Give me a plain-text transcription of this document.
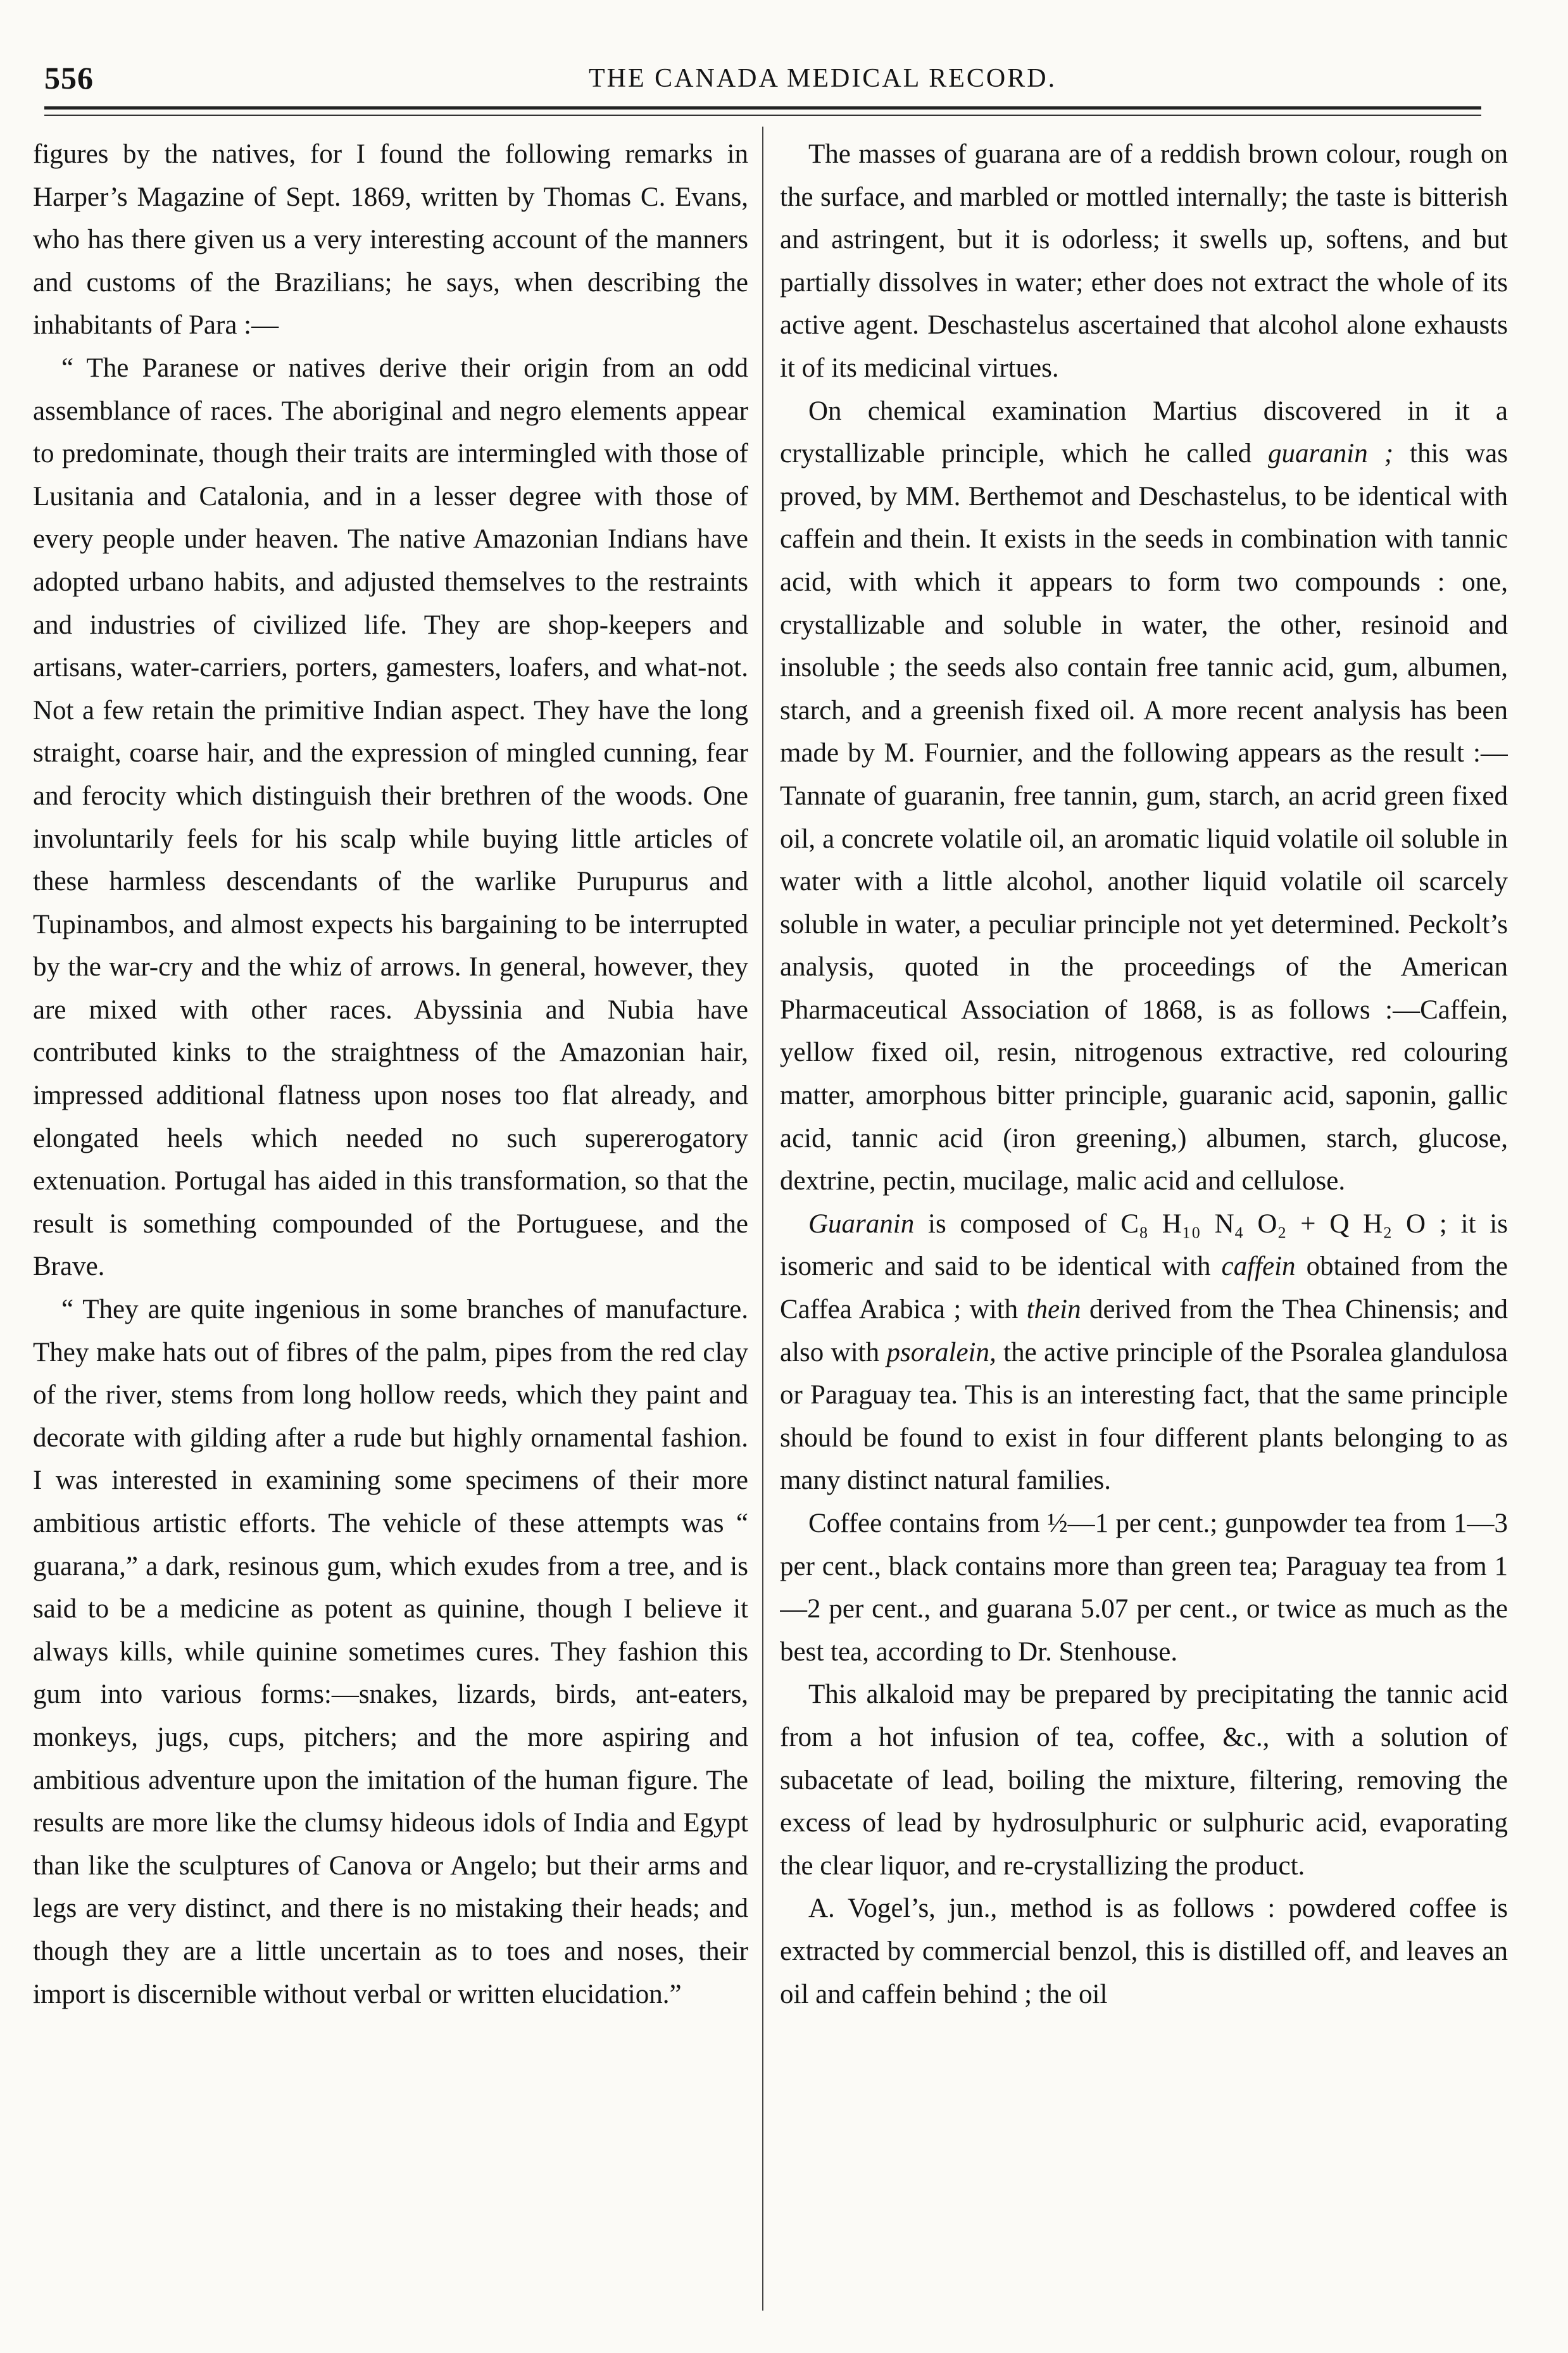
556	THE CANADA MEDICAL RECORD.

figures by the natives, for I found the following remarks in Harper’s Magazine of Sept. 1869, written by Thomas C. Evans, who has there given us a very interesting account of the manners and customs of the Brazilians; he says, when describing the inhabitants of Para :—

“ The Paranese or natives derive their origin from an odd assemblance of races. The aboriginal and negro elements appear to predominate, though their traits are intermingled with those of Lusitania and Catalonia, and in a lesser degree with those of every people under heaven. The native Amazonian Indians have adopted urbano habits, and adjusted themselves to the restraints and industries of civilized life. They are shop-keepers and artisans, water-carriers, porters, gamesters, loafers, and what-not. Not a few retain the primitive Indian aspect. They have the long straight, coarse hair, and the expression of mingled cunning, fear and ferocity which distinguish their brethren of the woods. One involuntarily feels for his scalp while buying little articles of these harmless descendants of the warlike Purupurus and Tupinambos, and almost expects his bargaining to be interrupted by the war-cry and the whiz of arrows. In general, however, they are mixed with other races. Abyssinia and Nubia have contributed kinks to the straightness of the Amazonian hair, impressed additional flatness upon noses too flat already, and elongated heels which needed no such supererogatory extenuation. Portugal has aided in this transformation, so that the result is something compounded of the Portuguese, and the Brave.

“ They are quite ingenious in some branches of manufacture. They make hats out of fibres of the palm, pipes from the red clay of the river, stems from long hollow reeds, which they paint and decorate with gilding after a rude but highly ornamental fashion. I was interested in examining some specimens of their more ambitious artistic efforts. The vehicle of these attempts was “ guarana,” a dark, resinous gum, which exudes from a tree, and is said to be a medicine as potent as quinine, though I believe it always kills, while quinine sometimes cures. They fashion this gum into various forms:—snakes, lizards, birds, ant-eaters, monkeys, jugs, cups, pitchers; and the more aspiring and ambitious adventure upon the imitation of the human figure. The results are more like the clumsy hideous idols of India and Egypt than like the sculptures of Canova or Angelo; but their arms and legs are very distinct, and there is no mistaking their heads; and though they are a little uncertain as to toes and noses, their import is discernible without verbal or written elucidation.”

The masses of guarana are of a reddish brown colour, rough on the surface, and marbled or mottled internally; the taste is bitterish and astringent, but it is odorless; it swells up, softens, and but partially dissolves in water; ether does not extract the whole of its active agent. Deschastelus ascertained that alcohol alone exhausts it of its medicinal virtues.

On chemical examination Martius discovered in it a crystallizable principle, which he called guaranin ; this was proved, by MM. Berthemot and Deschastelus, to be identical with caffein and thein. It exists in the seeds in combination with tannic acid, with which it appears to form two compounds : one, crystallizable and soluble in water, the other, resinoid and insoluble ; the seeds also contain free tannic acid, gum, albumen, starch, and a greenish fixed oil. A more recent analysis has been made by M. Fournier, and the following appears as the result :—Tannate of guaranin, free tannin, gum, starch, an acrid green fixed oil, a concrete volatile oil, an aromatic liquid volatile oil soluble in water with a little alcohol, another liquid volatile oil scarcely soluble in water, a peculiar principle not yet determined. Peckolt’s analysis, quoted in the proceedings of the American Pharmaceutical Association of 1868, is as follows :—Caffein, yellow fixed oil, resin, nitrogenous extractive, red colouring matter, amorphous bitter principle, guaranic acid, saponin, gallic acid, tannic acid (iron greening,) albumen, starch, glucose, dextrine, pectin, mucilage, malic acid and cellulose.

Guaranin is composed of C₈ H₁₀ N₄ O₂ + Q H₂ O ; it is isomeric and said to be identical with caffein obtained from the Caffea Arabica ; with thein derived from the Thea Chinensis; and also with psoralein, the active principle of the Psoralea glandulosa or Paraguay tea. This is an interesting fact, that the same principle should be found to exist in four different plants belonging to as many distinct natural families.

Coffee contains from ½—1 per cent.; gunpowder tea from 1—3 per cent., black contains more than green tea; Paraguay tea from 1—2 per cent., and guarana 5.07 per cent., or twice as much as the best tea, according to Dr. Stenhouse.

This alkaloid may be prepared by precipitating the tannic acid from a hot infusion of tea, coffee, &c., with a solution of subacetate of lead, boiling the mixture, filtering, removing the excess of lead by hydrosulphuric or sulphuric acid, evaporating the clear liquor, and re-crystallizing the product.

A. Vogel’s, jun., method is as follows : powdered coffee is extracted by commercial benzol, this is distilled off, and leaves an oil and caffein behind ; the oil
